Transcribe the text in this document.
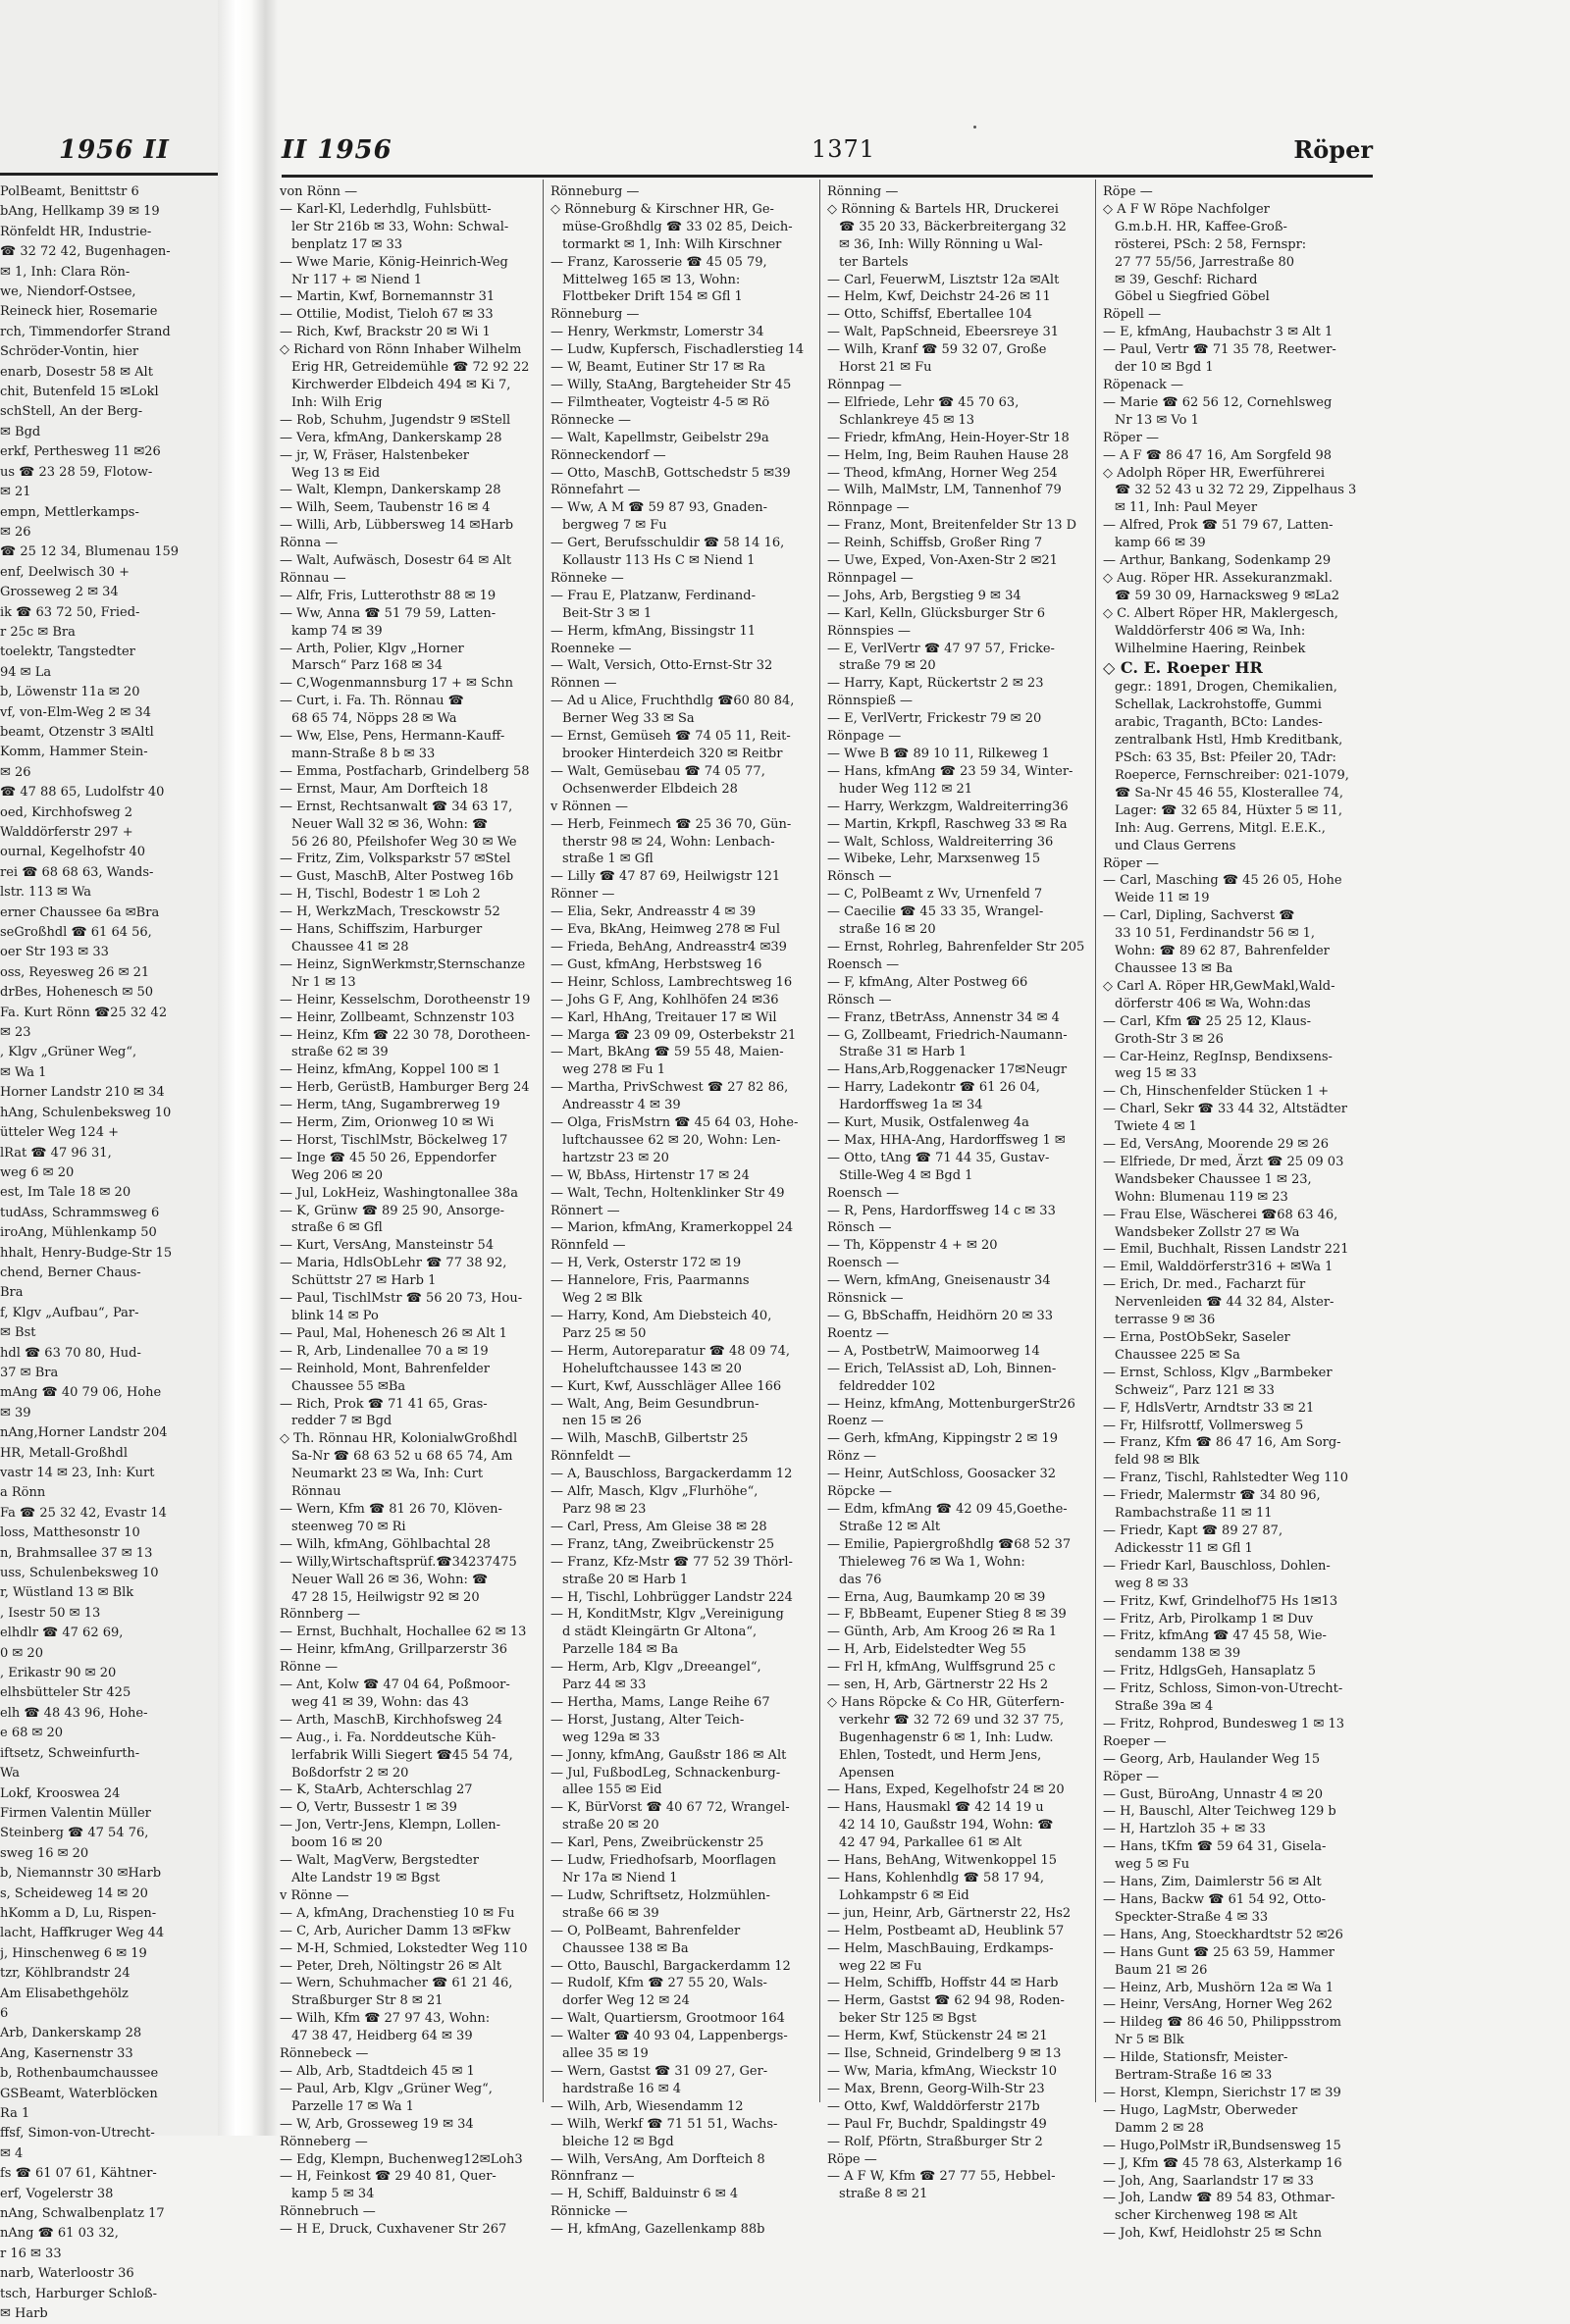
1956 II
PolBeamt, Benittstr 6
bAng, Hellkamp 39 ✉ 19
Rönfeldt HR, Industrie-
☎ 32 72 42, Bugenhagen-
✉ 1, Inh: Clara Rön-
we, Niendorf-Ostsee,
Reineck hier, Rosemarie
rch, Timmendorfer Strand
Schröder-Vontin, hier
enarb, Dosestr 58 ✉ Alt
chit, Butenfeld 15 ✉Lokl
schStell, An der Berg-
✉ Bgd
erkf, Perthesweg 11 ✉26
us ☎ 23 28 59, Flotow-
✉ 21
empn, Mettlerkamps-
✉ 26
☎ 25 12 34, Blumenau 159
enf, Deelwisch 30 +
Grosseweg 2 ✉ 34
ik ☎ 63 72 50, Fried-
r 25c ✉ Bra
toelektr, Tangstedter
94 ✉ La
b, Löwenstr 11a ✉ 20
vf, von-Elm-Weg 2 ✉ 34
beamt, Otzenstr 3 ✉Altl
Komm, Hammer Stein-
✉ 26
☎ 47 88 65, Ludolfstr 40
oed, Kirchhofsweg 2
Walddörferstr 297 +
ournal, Kegelhofstr 40
rei ☎ 68 68 63, Wands-
lstr. 113 ✉ Wa
erner Chaussee 6a ✉Bra
seGroßhdl ☎ 61 64 56,
oer Str 193 ✉ 33
oss, Reyesweg 26 ✉ 21
drBes, Hohenesch ✉ 50
Fa. Kurt Rönn ☎25 32 42
✉ 23
, Klgv „Grüner Weg“,
✉ Wa 1
Horner Landstr 210 ✉ 34
hAng, Schulenbeksweg 10
ütteler Weg 124 +
lRat ☎ 47 96 31,
weg 6 ✉ 20
est, Im Tale 18 ✉ 20
tudAss, Schrammsweg 6
iroAng, Mühlenkamp 50
hhalt, Henry-Budge-Str 15
chend, Berner Chaus-
Bra
f, Klgv „Aufbau“, Par-
✉ Bst
hdl ☎ 63 70 80, Hud-
37 ✉ Bra
mAng ☎ 40 79 06, Hohe
✉ 39
nAng,Horner Landstr 204
HR, Metall-Großhdl
vastr 14 ✉ 23, Inh: Kurt
a Rönn
Fa ☎ 25 32 42, Evastr 14
loss, Matthesonstr 10
n, Brahmsallee 37 ✉ 13
uss, Schulenbeksweg 10
r, Wüstland 13 ✉ Blk
, Isestr 50 ✉ 13
elhdlr ☎ 47 62 69,
0 ✉ 20
, Erikastr 90 ✉ 20
elhsbütteler Str 425
elh ☎ 48 43 96, Hohe-
e 68 ✉ 20
iftsetz, Schweinfurth-
Wa
Lokf, Krooswea 24
Firmen Valentin Müller
Steinberg ☎ 47 54 76,
sweg 16 ✉ 20
b, Niemannstr 30 ✉Harb
s, Scheideweg 14 ✉ 20
hKomm a D, Lu, Rispen-
lacht, Haffkruger Weg 44
j, Hinschenweg 6 ✉ 19
tzr, Köhlbrandstr 24
Am Elisabethgehölz
6
Arb, Dankerskamp 28
Ang, Kasernenstr 33
b, Rothenbaumchaussee
GSBeamt, Waterblöcken
Ra 1
ffsf, Simon-von-Utrecht-
✉ 4
fs ☎ 61 07 61, Kähtner-
erf, Vogelerstr 38
nAng, Schwalbenplatz 17
nAng ☎ 61 03 32,
r 16 ✉ 33
narb, Waterloostr 36
tsch, Harburger Schloß-
✉ Harb
II 1956	1371	Röper
von Rönn —
— Karl-Kl, Lederhdlg, Fuhlsbütt-
ler Str 216b ✉ 33, Wohn: Schwal-
benplatz 17 ✉ 33
— Wwe Marie, König-Heinrich-Weg
Nr 117 + ✉ Niend 1
— Martin, Kwf, Bornemannstr 31
— Ottilie, Modist, Tieloh 67 ✉ 33
— Rich, Kwf, Brackstr 20 ✉ Wi 1
◇ Richard von Rönn Inhaber Wilhelm
Erig HR, Getreidemühle ☎ 72 92 22
Kirchwerder Elbdeich 494 ✉ Ki 7,
Inh: Wilh Erig
— Rob, Schuhm, Jugendstr 9 ✉Stell
— Vera, kfmAng, Dankerskamp 28
— jr, W, Fräser, Halstenbeker
Weg 13 ✉ Eid
— Walt, Klempn, Dankerskamp 28
— Wilh, Seem, Taubenstr 16 ✉ 4
— Willi, Arb, Lübbersweg 14 ✉Harb
Rönna —
— Walt, Aufwäsch, Dosestr 64 ✉ Alt
Rönnau —
— Alfr, Fris, Lutterothstr 88 ✉ 19
— Ww, Anna ☎ 51 79 59, Latten-
kamp 74 ✉ 39
— Arth, Polier, Klgv „Horner
Marsch“ Parz 168 ✉ 34
— C,Wogenmannsburg 17 + ✉ Schn
— Curt, i. Fa. Th. Rönnau ☎
68 65 74, Nöpps 28 ✉ Wa
— Ww, Else, Pens, Hermann-Kauff-
mann-Straße 8 b ✉ 33
— Emma, Postfacharb, Grindelberg 58
— Ernst, Maur, Am Dorfteich 18
— Ernst, Rechtsanwalt ☎ 34 63 17,
Neuer Wall 32 ✉ 36, Wohn: ☎
56 26 80, Pfeilshofer Weg 30 ✉ We
— Fritz, Zim, Volksparkstr 57 ✉Stel
— Gust, MaschB, Alter Postweg 16b
— H, Tischl, Bodestr 1 ✉ Loh 2
— H, WerkzMach, Tresckowstr 52
— Hans, Schiffszim, Harburger
Chaussee 41 ✉ 28
— Heinz, SignWerkmstr,Sternschanze
Nr 1 ✉ 13
— Heinr, Kesselschm, Dorotheenstr 19
— Heinr, Zollbeamt, Schnzenstr 103
— Heinz, Kfm ☎ 22 30 78, Dorotheen-
straße 62 ✉ 39
— Heinz, kfmAng, Koppel 100 ✉ 1
— Herb, GerüstB, Hamburger Berg 24
— Herm, tAng, Sugambrerweg 19
— Herm, Zim, Orionweg 10 ✉ Wi
— Horst, TischlMstr, Böckelweg 17
— Inge ☎ 45 50 26, Eppendorfer
Weg 206 ✉ 20
— Jul, LokHeiz, Washingtonallee 38a
— K, Grünw ☎ 89 25 90, Ansorge-
straße 6 ✉ Gfl
— Kurt, VersAng, Mansteinstr 54
— Maria, HdlsObLehr ☎ 77 38 92,
Schüttstr 27 ✉ Harb 1
— Paul, TischlMstr ☎ 56 20 73, Hou-
blink 14 ✉ Po
— Paul, Mal, Hohenesch 26 ✉ Alt 1
— R, Arb, Lindenallee 70 a ✉ 19
— Reinhold, Mont, Bahrenfelder
Chaussee 55 ✉Ba
— Rich, Prok ☎ 71 41 65, Gras-
redder 7 ✉ Bgd
◇ Th. Rönnau HR, KolonialwGroßhdl
Sa-Nr ☎ 68 63 52 u 68 65 74, Am
Neumarkt 23 ✉ Wa, Inh: Curt
Rönnau
— Wern, Kfm ☎ 81 26 70, Klöven-
steenweg 70 ✉ Ri
— Wilh, kfmAng, Göhlbachtal 28
— Willy,Wirtschaftsprüf.☎34237475
Neuer Wall 26 ✉ 36, Wohn: ☎
47 28 15, Heilwigstr 92 ✉ 20
Rönnberg —
— Ernst, Buchhalt, Hochallee 62 ✉ 13
— Heinr, kfmAng, Grillparzerstr 36
Rönne —
— Ant, Kolw ☎ 47 04 64, Poßmoor-
weg 41 ✉ 39, Wohn: das 43
— Arth, MaschB, Kirchhofsweg 24
— Aug., i. Fa. Norddeutsche Küh-
lerfabrik Willi Siegert ☎45 54 74,
Boßdorfstr 2 ✉ 20
— K, StaArb, Achterschlag 27
— O, Vertr, Bussestr 1 ✉ 39
— Jon, Vertr-Jens, Klempn, Lollen-
boom 16 ✉ 20
— Walt, MagVerw, Bergstedter
Alte Landstr 19 ✉ Bgst
v Rönne —
— A, kfmAng, Drachenstieg 10 ✉ Fu
— C, Arb, Auricher Damm 13 ✉Fkw
— M-H, Schmied, Lokstedter Weg 110
— Peter, Dreh, Nöltingstr 26 ✉ Alt
— Wern, Schuhmacher ☎ 61 21 46,
Straßburger Str 8 ✉ 21
— Wilh, Kfm ☎ 27 97 43, Wohn:
47 38 47, Heidberg 64 ✉ 39
Rönnebeck —
— Alb, Arb, Stadtdeich 45 ✉ 1
— Paul, Arb, Klgv „Grüner Weg“,
Parzelle 17 ✉ Wa 1
— W, Arb, Grosseweg 19 ✉ 34
Rönneberg —
— Edg, Klempn, Buchenweg12✉Loh3
— H, Feinkost ☎ 29 40 81, Quer-
kamp 5 ✉ 34
Rönnebruch —
— H E, Druck, Cuxhavener Str 267
Rönneburg —
◇ Rönneburg & Kirschner HR, Ge-
müse-Großhdlg ☎ 33 02 85, Deich-
tormarkt ✉ 1, Inh: Wilh Kirschner
— Franz, Karosserie ☎ 45 05 79,
Mittelweg 165 ✉ 13, Wohn:
Flottbeker Drift 154 ✉ Gfl 1
Rönneburg —
— Henry, Werkmstr, Lomerstr 34
— Ludw, Kupfersch, Fischadlerstieg 14
— W, Beamt, Eutiner Str 17 ✉ Ra
— Willy, StaAng, Bargteheider Str 45
— Filmtheater, Vogteistr 4-5 ✉ Rö
Rönnecke —
— Walt, Kapellmstr, Geibelstr 29a
Rönneckendorf —
— Otto, MaschB, Gottschedstr 5 ✉39
Rönnefahrt —
— Ww, A M ☎ 59 87 93, Gnaden-
bergweg 7 ✉ Fu
— Gert, Berufsschuldir ☎ 58 14 16,
Kollaustr 113 Hs C ✉ Niend 1
Rönneke —
— Frau E, Platzanw, Ferdinand-
Beit-Str 3 ✉ 1
— Herm, kfmAng, Bissingstr 11
Roenneke —
— Walt, Versich, Otto-Ernst-Str 32
Rönnen —
— Ad u Alice, Fruchthdlg ☎60 80 84,
Berner Weg 33 ✉ Sa
— Ernst, Gemüseh ☎ 74 05 11, Reit-
brooker Hinterdeich 320 ✉ Reitbr
— Walt, Gemüsebau ☎ 74 05 77,
Ochsenwerder Elbdeich 28
v Rönnen —
— Herb, Feinmech ☎ 25 36 70, Gün-
therstr 98 ✉ 24, Wohn: Lenbach-
straße 1 ✉ Gfl
— Lilly ☎ 47 87 69, Heilwigstr 121
Rönner —
— Elia, Sekr, Andreasstr 4 ✉ 39
— Eva, BkAng, Heimweg 278 ✉ Ful
— Frieda, BehAng, Andreasstr4 ✉39
— Gust, kfmAng, Herbstsweg 16
— Heinr, Schloss, Lambrechtsweg 16
— Johs G F, Ang, Kohlhöfen 24 ✉36
— Karl, HhAng, Treitauer 17 ✉ Wil
— Marga ☎ 23 09 09, Osterbekstr 21
— Mart, BkAng ☎ 59 55 48, Maien-
weg 278 ✉ Fu 1
— Martha, PrivSchwest ☎ 27 82 86,
Andreasstr 4 ✉ 39
— Olga, FrisMstrn ☎ 45 64 03, Hohe-
luftchaussee 62 ✉ 20, Wohn: Len-
hartzstr 23 ✉ 20
— W, BbAss, Hirtenstr 17 ✉ 24
— Walt, Techn, Holtenklinker Str 49
Rönnert —
— Marion, kfmAng, Kramerkoppel 24
Rönnfeld —
— H, Verk, Osterstr 172 ✉ 19
— Hannelore, Fris, Paarmanns
Weg 2 ✉ Blk
— Harry, Kond, Am Diebsteich 40,
Parz 25 ✉ 50
— Herm, Autoreparatur ☎ 48 09 74,
Hoheluftchaussee 143 ✉ 20
— Kurt, Kwf, Ausschläger Allee 166
— Walt, Ang, Beim Gesundbrun-
nen 15 ✉ 26
— Wilh, MaschB, Gilbertstr 25
Rönnfeldt —
— A, Bauschloss, Bargackerdamm 12
— Alfr, Masch, Klgv „Flurhöhe“,
Parz 98 ✉ 23
— Carl, Press, Am Gleise 38 ✉ 28
— Franz, tAng, Zweibrückenstr 25
— Franz, Kfz-Mstr ☎ 77 52 39 Thörl-
straße 20 ✉ Harb 1
— H, Tischl, Lohbrügger Landstr 224
— H, KonditMstr, Klgv „Vereinigung
d städt Kleingärtn Gr Altona“,
Parzelle 184 ✉ Ba
— Herm, Arb, Klgv „Dreeangel“,
Parz 44 ✉ 33
— Hertha, Mams, Lange Reihe 67
— Horst, Justang, Alter Teich-
weg 129a ✉ 33
— Jonny, kfmAng, Gaußstr 186 ✉ Alt
— Jul, FußbodLeg, Schnackenburg-
allee 155 ✉ Eid
— K, BürVorst ☎ 40 67 72, Wrangel-
straße 20 ✉ 20
— Karl, Pens, Zweibrückenstr 25
— Ludw, Friedhofsarb, Moorflagen
Nr 17a ✉ Niend 1
— Ludw, Schriftsetz, Holzmühlen-
straße 66 ✉ 39
— O, PolBeamt, Bahrenfelder
Chaussee 138 ✉ Ba
— Otto, Bauschl, Bargackerdamm 12
— Rudolf, Kfm ☎ 27 55 20, Wals-
dorfer Weg 12 ✉ 24
— Walt, Quartiersm, Grootmoor 164
— Walter ☎ 40 93 04, Lappenbergs-
allee 35 ✉ 19
— Wern, Gastst ☎ 31 09 27, Ger-
hardstraße 16 ✉ 4
— Wilh, Arb, Wiesendamm 12
— Wilh, Werkf ☎ 71 51 51, Wachs-
bleiche 12 ✉ Bgd
— Wilh, VersAng, Am Dorfteich 8
Rönnfranz —
— H, Schiff, Balduinstr 6 ✉ 4
Rönnicke —
— H, kfmAng, Gazellenkamp 88b
Rönning —
◇ Rönning & Bartels HR, Druckerei
☎ 35 20 33, Bäckerbreitergang 32
✉ 36, Inh: Willy Rönning u Wal-
ter Bartels
— Carl, FeuerwM, Lisztstr 12a ✉Alt
— Helm, Kwf, Deichstr 24-26 ✉ 11
— Otto, Schiffsf, Ebertallee 104
— Walt, PapSchneid, Ebeersreye 31
— Wilh, Kranf ☎ 59 32 07, Große
Horst 21 ✉ Fu
Rönnpag —
— Elfriede, Lehr ☎ 45 70 63,
Schlankreye 45 ✉ 13
— Friedr, kfmAng, Hein-Hoyer-Str 18
— Helm, Ing, Beim Rauhen Hause 28
— Theod, kfmAng, Horner Weg 254
— Wilh, MalMstr, LM, Tannenhof 79
Rönnpage —
— Franz, Mont, Breitenfelder Str 13 D
— Reinh, Schiffsb, Großer Ring 7
— Uwe, Exped, Von-Axen-Str 2 ✉21
Rönnpagel —
— Johs, Arb, Bergstieg 9 ✉ 34
— Karl, Kelln, Glücksburger Str 6
Rönnspies —
— E, VerlVertr ☎ 47 97 57, Fricke-
straße 79 ✉ 20
— Harry, Kapt, Rückertstr 2 ✉ 23
Rönnspieß —
— E, VerlVertr, Frickestr 79 ✉ 20
Rönpage —
— Wwe B ☎ 89 10 11, Rilkeweg 1
— Hans, kfmAng ☎ 23 59 34, Winter-
huder Weg 112 ✉ 21
— Harry, Werkzgm, Waldreiterring36
— Martin, Krkpfl, Raschweg 33 ✉ Ra
— Walt, Schloss, Waldreiterring 36
— Wibeke, Lehr, Marxsenweg 15
Rönsch —
— C, PolBeamt z Wv, Urnenfeld 7
— Caecilie ☎ 45 33 35, Wrangel-
straße 16 ✉ 20
— Ernst, Rohrleg, Bahrenfelder Str 205
Roensch —
— F, kfmAng, Alter Postweg 66
Rönsch —
— Franz, tBetrAss, Annenstr 34 ✉ 4
— G, Zollbeamt, Friedrich-Naumann-
Straße 31 ✉ Harb 1
— Hans,Arb,Roggenacker 17✉Neugr
— Harry, Ladekontr ☎ 61 26 04,
Hardorffsweg 1a ✉ 34
— Kurt, Musik, Ostfalenweg 4a
— Max, HHA-Ang, Hardorffsweg 1 ✉
— Otto, tAng ☎ 71 44 35, Gustav-
Stille-Weg 4 ✉ Bgd 1
Roensch —
— R, Pens, Hardorffsweg 14 c ✉ 33
Rönsch —
— Th, Köppenstr 4 + ✉ 20
Roensch —
— Wern, kfmAng, Gneisenaustr 34
Rönsnick —
— G, BbSchaffn, Heidhörn 20 ✉ 33
Roentz —
— A, PostbetrW, Maimoorweg 14
— Erich, TelAssist aD, Loh, Binnen-
feldredder 102
— Heinz, kfmAng, MottenburgerStr26
Roenz —
— Gerh, kfmAng, Kippingstr 2 ✉ 19
Rönz —
— Heinr, AutSchloss, Goosacker 32
Röpcke —
— Edm, kfmAng ☎ 42 09 45,Goethe-
Straße 12 ✉ Alt
— Emilie, Papiergroßhdlg ☎68 52 37
Thieleweg 76 ✉ Wa 1, Wohn:
das 76
— Erna, Aug, Baumkamp 20 ✉ 39
— F, BbBeamt, Eupener Stieg 8 ✉ 39
— Günth, Arb, Am Kroog 26 ✉ Ra 1
— H, Arb, Eidelstedter Weg 55
— Frl H, kfmAng, Wulffsgrund 25 c
— sen, H, Arb, Gärtnerstr 22 Hs 2
◇ Hans Röpcke & Co HR, Güterfern-
verkehr ☎ 32 72 69 und 32 37 75,
Bugenhagenstr 6 ✉ 1, Inh: Ludw.
Ehlen, Tostedt, und Herm Jens,
Apensen
— Hans, Exped, Kegelhofstr 24 ✉ 20
— Hans, Hausmakl ☎ 42 14 19 u
42 14 10, Gaußstr 194, Wohn: ☎
42 47 94, Parkallee 61 ✉ Alt
— Hans, BehAng, Witwenkoppel 15
— Hans, Kohlenhdlg ☎ 58 17 94,
Lohkampstr 6 ✉ Eid
— jun, Heinr, Arb, Gärtnerstr 22, Hs2
— Helm, Postbeamt aD, Heublink 57
— Helm, MaschBauing, Erdkamps-
weg 22 ✉ Fu
— Helm, Schiffb, Hoffstr 44 ✉ Harb
— Herm, Gastst ☎ 62 94 98, Roden-
beker Str 125 ✉ Bgst
— Herm, Kwf, Stückenstr 24 ✉ 21
— Ilse, Schneid, Grindelberg 9 ✉ 13
— Ww, Maria, kfmAng, Wieckstr 10
— Max, Brenn, Georg-Wilh-Str 23
— Otto, Kwf, Walddörferstr 217b
— Paul Fr, Buchdr, Spaldingstr 49
— Rolf, Pförtn, Straßburger Str 2
Röpe —
— A F W, Kfm ☎ 27 77 55, Hebbel-
straße 8 ✉ 21
Röpe —
◇ A F W Röpe Nachfolger
G.m.b.H. HR, Kaffee-Groß-
rösterei, PSch: 2 58, Fernspr:
27 77 55/56, Jarrestraße 80
✉ 39, Geschf: Richard
Göbel u Siegfried Göbel
Röpell —
— E, kfmAng, Haubachstr 3 ✉ Alt 1
— Paul, Vertr ☎ 71 35 78, Reetwer-
der 10 ✉ Bgd 1
Röpenack —
— Marie ☎ 62 56 12, Cornehlsweg
Nr 13 ✉ Vo 1
Röper —
— A F ☎ 86 47 16, Am Sorgfeld 98
◇ Adolph Röper HR, Ewerführerei
☎ 32 52 43 u 32 72 29, Zippelhaus 3
✉ 11, Inh: Paul Meyer
— Alfred, Prok ☎ 51 79 67, Latten-
kamp 66 ✉ 39
— Arthur, Bankang, Sodenkamp 29
◇ Aug. Röper HR. Assekuranzmakl.
☎ 59 30 09, Harnacksweg 9 ✉La2
◇ C. Albert Röper HR, Maklergesch,
Walddörferstr 406 ✉ Wa, Inh:
Wilhelmine Haering, Reinbek
◇ C. E. Roeper HR
gegr.: 1891, Drogen, Chemikalien,
Schellak, Lackrohstoffe, Gummi
arabic, Traganth, BCto: Landes-
zentralbank Hstl, Hmb Kreditbank,
PSch: 63 35, Bst: Pfeiler 20, TAdr:
Roeperce, Fernschreiber: 021-1079,
☎ Sa-Nr 45 46 55, Klosterallee 74,
Lager: ☎ 32 65 84, Hüxter 5 ✉ 11,
Inh: Aug. Gerrens, Mitgl. E.E.K.,
und Claus Gerrens
Röper —
— Carl, Masching ☎ 45 26 05, Hohe
Weide 11 ✉ 19
— Carl, Dipling, Sachverst ☎
33 10 51, Ferdinandstr 56 ✉ 1,
Wohn: ☎ 89 62 87, Bahrenfelder
Chaussee 13 ✉ Ba
◇ Carl A. Röper HR,GewMakl,Wald-
dörferstr 406 ✉ Wa, Wohn:das
— Carl, Kfm ☎ 25 25 12, Klaus-
Groth-Str 3 ✉ 26
— Car-Heinz, RegInsp, Bendixsens-
weg 15 ✉ 33
— Ch, Hinschenfelder Stücken 1 +
— Charl, Sekr ☎ 33 44 32, Altstädter
Twiete 4 ✉ 1
— Ed, VersAng, Moorende 29 ✉ 26
— Elfriede, Dr med, Ärzt ☎ 25 09 03
Wandsbeker Chaussee 1 ✉ 23,
Wohn: Blumenau 119 ✉ 23
— Frau Else, Wäscherei ☎68 63 46,
Wandsbeker Zollstr 27 ✉ Wa
— Emil, Buchhalt, Rissen Landstr 221
— Emil, Walddörferstr316 + ✉Wa 1
— Erich, Dr. med., Facharzt für
Nervenleiden ☎ 44 32 84, Alster-
terrasse 9 ✉ 36
— Erna, PostObSekr, Saseler
Chaussee 225 ✉ Sa
— Ernst, Schloss, Klgv „Barmbeker
Schweiz“, Parz 121 ✉ 33
— F, HdlsVertr, Arndtstr 33 ✉ 21
— Fr, Hilfsrottf, Vollmersweg 5
— Franz, Kfm ☎ 86 47 16, Am Sorg-
feld 98 ✉ Blk
— Franz, Tischl, Rahlstedter Weg 110
— Friedr, Malermstr ☎ 34 80 96,
Rambachstraße 11 ✉ 11
— Friedr, Kapt ☎ 89 27 87,
Adickesstr 11 ✉ Gfl 1
— Friedr Karl, Bauschloss, Dohlen-
weg 8 ✉ 33
— Fritz, Kwf, Grindelhof75 Hs 1✉13
— Fritz, Arb, Pirolkamp 1 ✉ Duv
— Fritz, kfmAng ☎ 47 45 58, Wie-
sendamm 138 ✉ 39
— Fritz, HdlgsGeh, Hansaplatz 5
— Fritz, Schloss, Simon-von-Utrecht-
Straße 39a ✉ 4
— Fritz, Rohprod, Bundesweg 1 ✉ 13
Roeper —
— Georg, Arb, Haulander Weg 15
Röper —
— Gust, BüroAng, Unnastr 4 ✉ 20
— H, Bauschl, Alter Teichweg 129 b
— H, Hartzloh 35 + ✉ 33
— Hans, tKfm ☎ 59 64 31, Gisela-
weg 5 ✉ Fu
— Hans, Zim, Daimlerstr 56 ✉ Alt
— Hans, Backw ☎ 61 54 92, Otto-
Speckter-Straße 4 ✉ 33
— Hans, Ang, Stoeckhardtstr 52 ✉26
— Hans Gunt ☎ 25 63 59, Hammer
Baum 21 ✉ 26
— Heinz, Arb, Mushörn 12a ✉ Wa 1
— Heinr, VersAng, Horner Weg 262
— Hildeg ☎ 86 46 50, Philippsstrom
Nr 5 ✉ Blk
— Hilde, Stationsfr, Meister-
Bertram-Straße 16 ✉ 33
— Horst, Klempn, Sierichstr 17 ✉ 39
— Hugo, LagMstr, Oberweder
Damm 2 ✉ 28
— Hugo,PolMstr iR,Bundsensweg 15
— J, Kfm ☎ 45 78 63, Alsterkamp 16
— Joh, Ang, Saarlandstr 17 ✉ 33
— Joh, Landw ☎ 89 54 83, Othmar-
scher Kirchenweg 198 ✉ Alt
— Joh, Kwf, Heidlohstr 25 ✉ Schn
